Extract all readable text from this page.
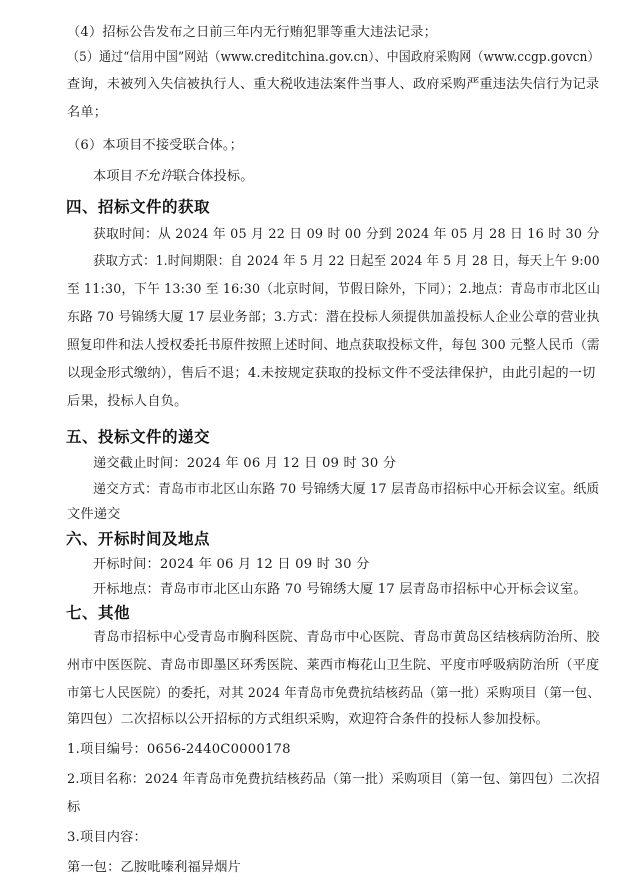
（4）招标公告发布之日前三年内无行贿犯罪等重大违法记录；
（5）通过“信用中国”网站（www.creditchina.gov.cn）、中国政府采购网（www.ccgp.govcn）
查询，未被列入失信被执行人、重大税收违法案件当事人、政府采购严重违法失信行为记录
名单；
（6）本项目不接受联合体。；
本项目不允许联合体投标。
四、招标文件的获取
获取时间：从 2024 年 05 月 22 日 09 时 00 分到 2024 年 05 月 28 日 16 时 30 分
获取方式：1.时间期限：自 2024 年 5 月 22 日起至 2024 年 5 月 28 日，每天上午 9:00
至 11:30，下午 13:30 至 16:30（北京时间，节假日除外，下同）；2.地点：青岛市市北区山
东路 70 号锦绣大厦 17 层业务部；3.方式：潜在投标人须提供加盖投标人企业公章的营业执
照复印件和法人授权委托书原件按照上述时间、地点获取投标文件，每包 300 元整人民币（需
以现金形式缴纳），售后不退；4.未按规定获取的投标文件不受法律保护，由此引起的一切
后果，投标人自负。
五、投标文件的递交
递交截止时间：2024 年 06 月 12 日 09 时 30 分
递交方式：青岛市市北区山东路 70 号锦绣大厦 17 层青岛市招标中心开标会议室。纸质
文件递交
六、开标时间及地点
开标时间：2024 年 06 月 12 日 09 时 30 分
开标地点：青岛市市北区山东路 70 号锦绣大厦 17 层青岛市招标中心开标会议室。
七、其他
青岛市招标中心受青岛市胸科医院、青岛市中心医院、青岛市黄岛区结核病防治所、胶
州市中医医院、青岛市即墨区环秀医院、莱西市梅花山卫生院、平度市呼吸病防治所（平度
市第七人民医院）的委托，对其 2024 年青岛市免费抗结核药品（第一批）采购项目（第一包、
第四包）二次招标以公开招标的方式组织采购，欢迎符合条件的投标人参加投标。
1.项目编号：0656-2440C0000178
2.项目名称：2024 年青岛市免费抗结核药品（第一批）采购项目（第一包、第四包）二次招
标
3.项目内容：
第一包：乙胺吡嗪利福异烟片
